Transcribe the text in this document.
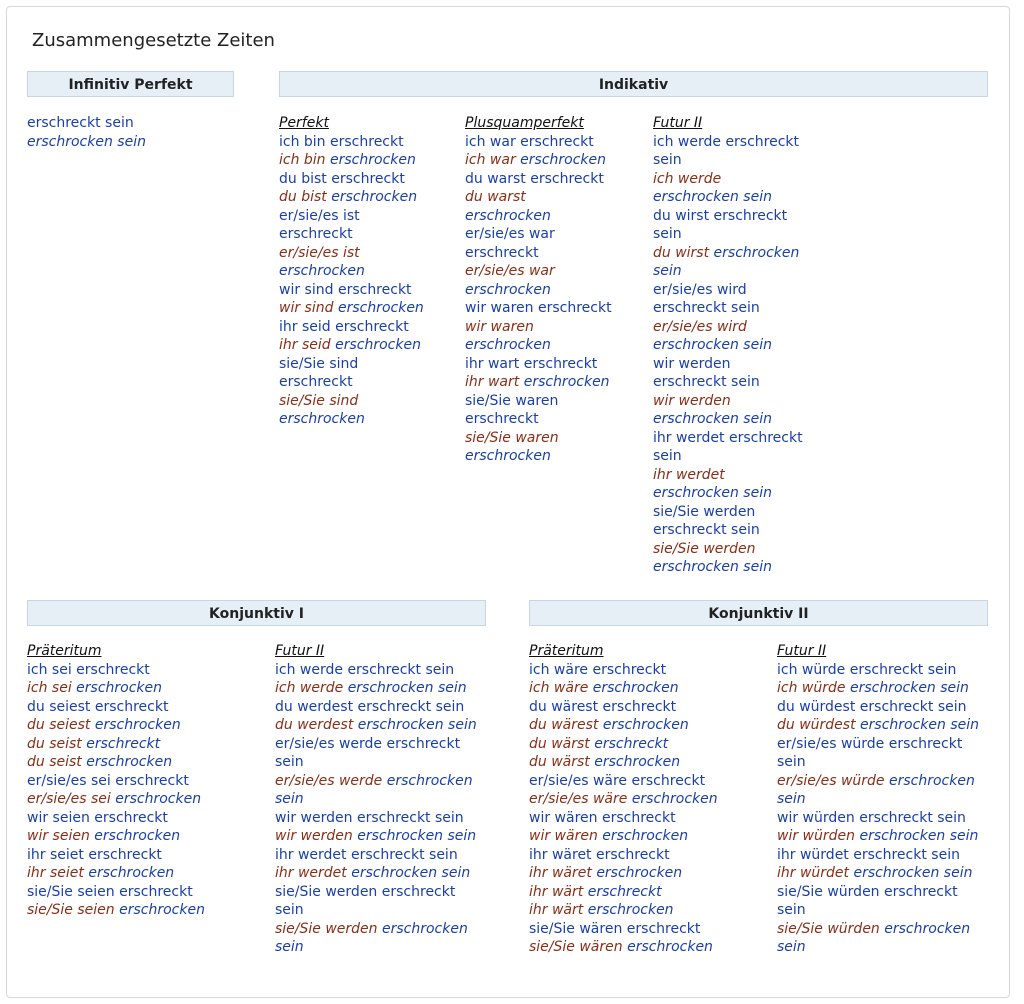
Zusammengesetzte Zeiten
Infinitiv Perfekt	Indikativ
Konjunktiv I	Konjunktiv II
erschreckt sein
erschrocken sein
Perfekt
ich bin erschreckt
ich bin erschrocken
du bist erschreckt
du bist erschrocken
er/sie/es ist erschreckt
er/sie/es ist erschrocken
wir sind erschreckt
wir sind erschrocken
ihr seid erschreckt
ihr seid erschrocken
sie/Sie sind erschreckt
sie/Sie sind erschrocken
Plusquamperfekt
ich war erschreckt
ich war erschrocken
du warst erschreckt
du warst erschrocken
er/sie/es war erschreckt
er/sie/es war erschrocken
wir waren erschreckt
wir waren erschrocken
ihr wart erschreckt
ihr wart erschrocken
sie/Sie waren erschreckt
sie/Sie waren erschrocken
Futur II
ich werde erschreckt sein
ich werde erschrocken sein
du wirst erschreckt sein
du wirst erschrocken sein
er/sie/es wird erschreckt sein
er/sie/es wird erschrocken sein
wir werden erschreckt sein
wir werden erschrocken sein
ihr werdet erschreckt sein
ihr werdet erschrocken sein
sie/Sie werden erschreckt sein
sie/Sie werden erschrocken sein
Präteritum
ich sei erschreckt
ich sei erschrocken
du seiest erschreckt
du seiest erschrocken
du seist erschreckt
du seist erschrocken
er/sie/es sei erschreckt
er/sie/es sei erschrocken
wir seien erschreckt
wir seien erschrocken
ihr seiet erschreckt
ihr seiet erschrocken
sie/Sie seien erschreckt
sie/Sie seien erschrocken
Futur II
ich werde erschreckt sein
ich werde erschrocken sein
du werdest erschreckt sein
du werdest erschrocken sein
er/sie/es werde erschreckt sein
er/sie/es werde erschrocken sein
wir werden erschreckt sein
wir werden erschrocken sein
ihr werdet erschreckt sein
ihr werdet erschrocken sein
sie/Sie werden erschreckt sein
sie/Sie werden erschrocken sein
Präteritum
ich wäre erschreckt
ich wäre erschrocken
du wärest erschreckt
du wärest erschrocken
du wärst erschreckt
du wärst erschrocken
er/sie/es wäre erschreckt
er/sie/es wäre erschrocken
wir wären erschreckt
wir wären erschrocken
ihr wäret erschreckt
ihr wäret erschrocken
ihr wärt erschreckt
ihr wärt erschrocken
sie/Sie wären erschreckt
sie/Sie wären erschrocken
Futur II
ich würde erschreckt sein
ich würde erschrocken sein
du würdest erschreckt sein
du würdest erschrocken sein
er/sie/es würde erschreckt sein
er/sie/es würde erschrocken sein
wir würden erschreckt sein
wir würden erschrocken sein
ihr würdet erschreckt sein
ihr würdet erschrocken sein
sie/Sie würden erschreckt sein
sie/Sie würden erschrocken sein
